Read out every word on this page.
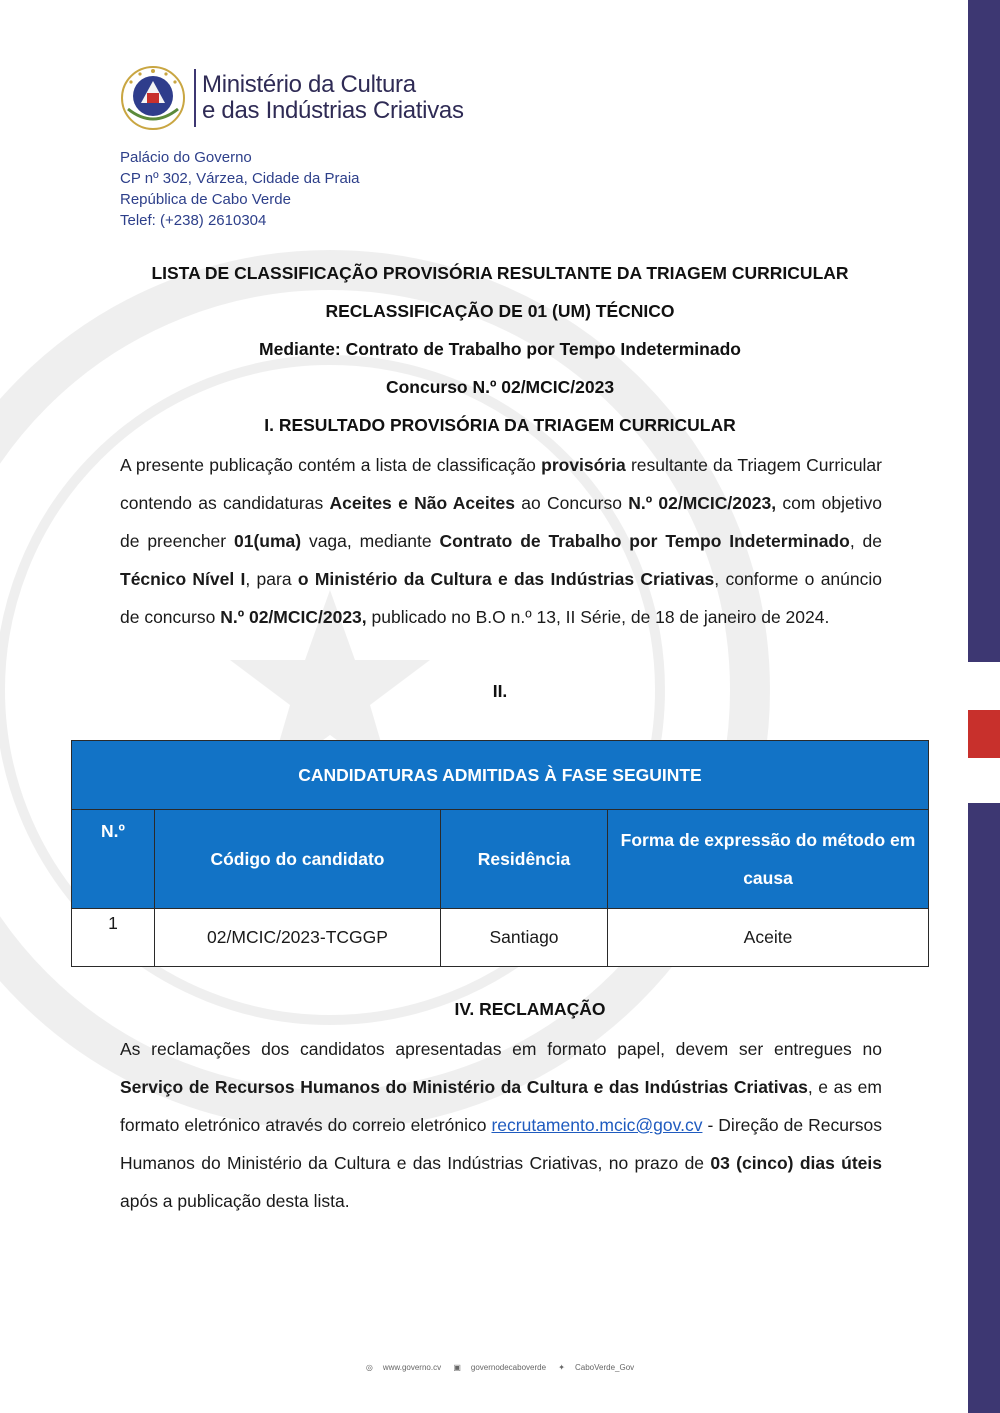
Ministério da Cultura
e das Indústrias Criativas
Palácio do Governo
CP nº 302, Várzea, Cidade da Praia
República de Cabo Verde
Telef: (+238) 2610304
LISTA DE CLASSIFICAÇÃO PROVISÓRIA RESULTANTE DA TRIAGEM CURRICULAR
RECLASSIFICAÇÃO DE 01 (UM) TÉCNICO
Mediante: Contrato de Trabalho por Tempo Indeterminado
Concurso N.º 02/MCIC/2023
I. RESULTADO PROVISÓRIA DA TRIAGEM CURRICULAR
A presente publicação contém a lista de classificação provisória resultante da Triagem Curricular contendo as candidaturas Aceites e Não Aceites ao Concurso N.º 02/MCIC/2023, com objetivo de preencher 01(uma) vaga, mediante Contrato de Trabalho por Tempo Indeterminado, de Técnico Nível I, para o Ministério da Cultura e das Indústrias Criativas, conforme o anúncio de concurso N.º 02/MCIC/2023, publicado no B.O n.º 13, II Série, de 18 de janeiro de 2024.
II.
CANDIDATURAS ADMITIDAS À FASE SEGUINTE			
N.º	Código do candidato	Residência	Forma de expressão do método em causa
1	02/MCIC/2023-TCGGP	Santiago	Aceite
IV. RECLAMAÇÃO
As reclamações dos candidatos apresentadas em formato papel, devem ser entregues no Serviço de Recursos Humanos do Ministério da Cultura e das Indústrias Criativas, e as em formato eletrónico através do correio eletrónico recrutamento.mcic@gov.cv - Direção de Recursos Humanos do Ministério da Cultura e das Indústrias Criativas, no prazo de 03 (cinco) dias úteis após a publicação desta lista.
◎ www.governo.cv ▣ governodecaboverde ✦ CaboVerde_Gov
